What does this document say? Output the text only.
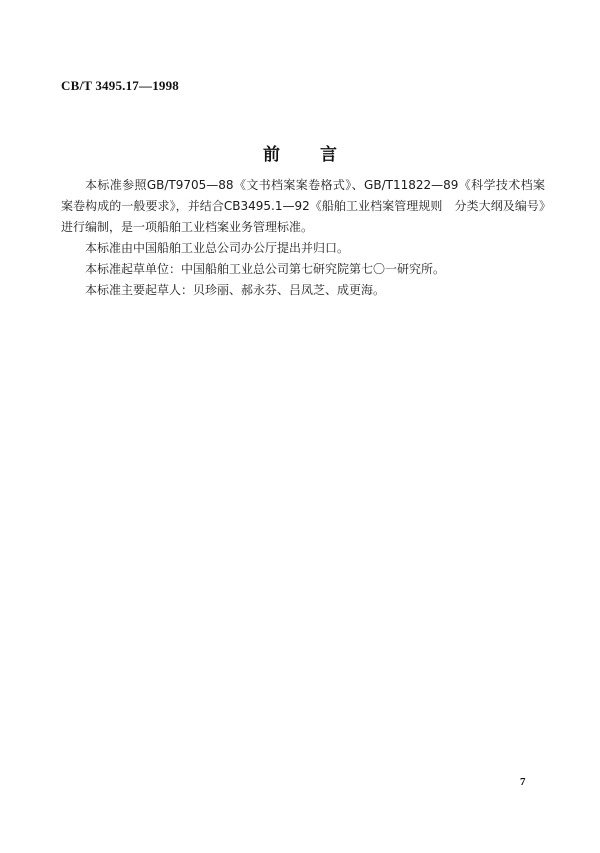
CB/T 3495.17—1998
前言

本标准参照GB/T9705—88《文书档案案卷格式》、GB/T11822—89《科学技术档案案卷构成的一般要求》，并结合CB3495.1—92《船舶工业档案管理规则　分类大纲及编号》进行编制，是一项船舶工业档案业务管理标准。

本标准由中国船舶工业总公司办公厅提出并归口。

本标准起草单位：中国船舶工业总公司第七研究院第七〇一研究所。

本标准主要起草人：贝珍丽、郝永芬、吕凤芝、成更海。

7
